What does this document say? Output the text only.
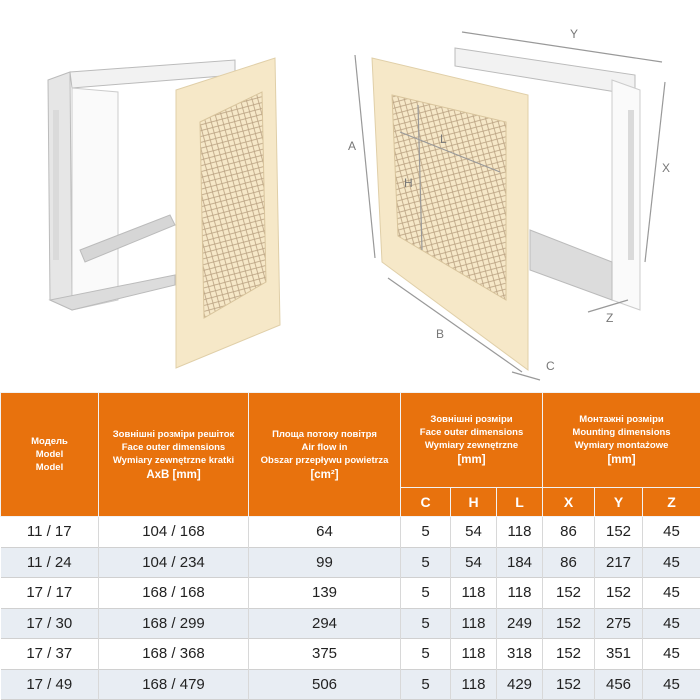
Y
X
Z
A
B
C
H
L
Модель
Model
Model	Зовнішні розміри решіток
Face outer dimensions
Wymiary zewnętrzne kratki
AxB [mm]	Площа потоку повітря
Air flow in
Obszar przepływu powietrza
[cm²]	Зовнішні розміри
Face outer dimensions
Wymiary zewnętrzne
[mm]			Монтажні розміри
Mounting dimensions
Wymiary montażowe
[mm]		

			C	H	L	X	Y	Z
11 / 17	104 / 168	64	5	54	118	86	152	45
11 / 24	104 / 234	99	5	54	184	86	217	45
17 / 17	168 / 168	139	5	118	118	152	152	45
17 / 30	168 / 299	294	5	118	249	152	275	45
17 / 37	168 / 368	375	5	118	318	152	351	45
17 / 49	168 / 479	506	5	118	429	152	456	45
